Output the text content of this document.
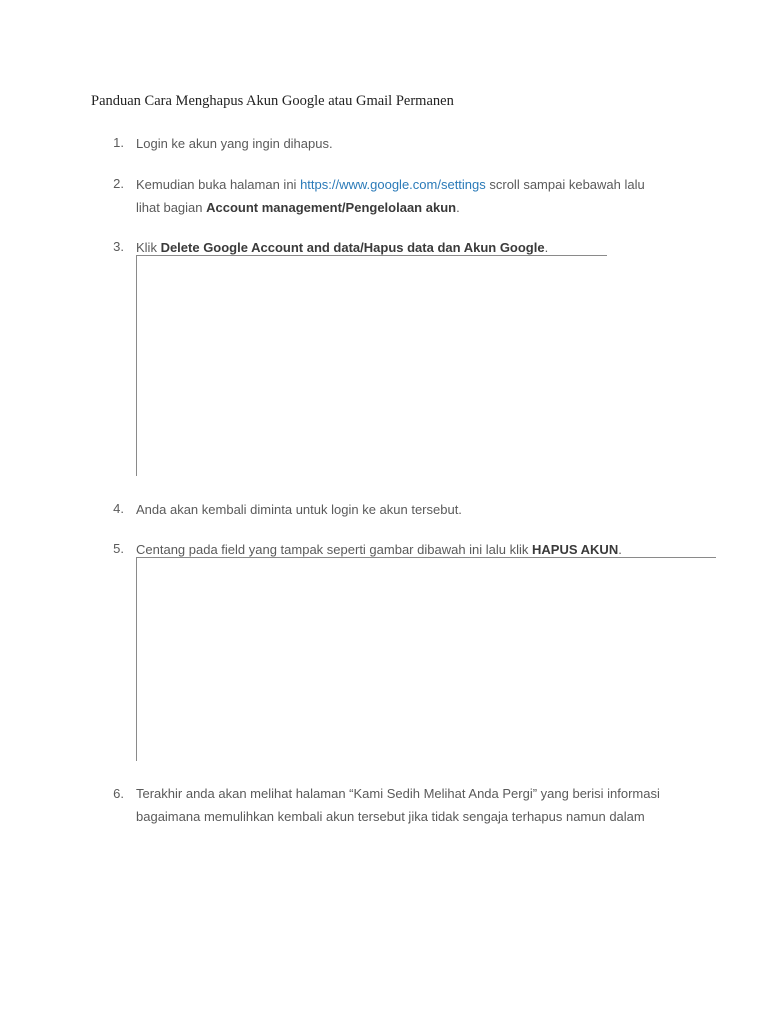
Panduan Cara Menghapus Akun Google atau Gmail Permanen
1. Login ke akun yang ingin dihapus.
2. Kemudian buka halaman ini https://www.google.com/settings scroll sampai kebawah lalu
lihat bagian Account management/Pengelolaan akun.
3. Klik Delete Google Account and data/Hapus data dan Akun Google.
4. Anda akan kembali diminta untuk login ke akun tersebut.
5. Centang pada field yang tampak seperti gambar dibawah ini lalu klik HAPUS AKUN.
6. Terakhir anda akan melihat halaman “Kami Sedih Melihat Anda Pergi” yang berisi informasi
bagaimana memulihkan kembali akun tersebut jika tidak sengaja terhapus namun dalam
